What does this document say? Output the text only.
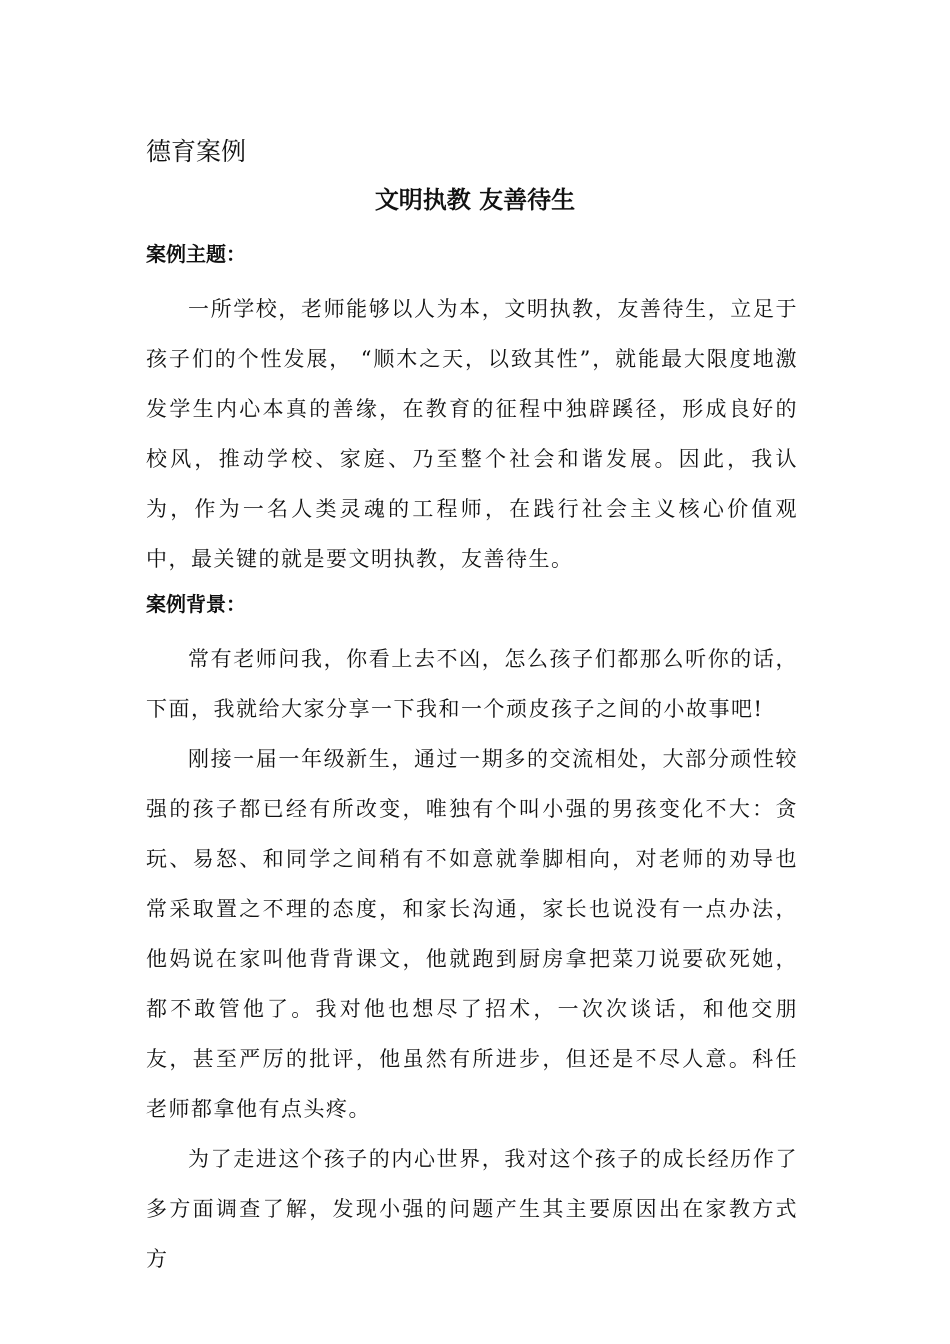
德育案例
文明执教 友善待生
案例主题：

一所学校，老师能够以人为本，文明执教，友善待生，立足于孩子们的个性发展， “顺木之天，以致其性”，就能最大限度地激发学生内心本真的善缘，在教育的征程中独辟蹊径，形成良好的校风，推动学校、家庭、乃至整个社会和谐发展。因此，我认为，作为一名人类灵魂的工程师，在践行社会主义核心价值观中，最关键的就是要文明执教，友善待生。

案例背景：

常有老师问我，你看上去不凶，怎么孩子们都那么听你的话，下面，我就给大家分享一下我和一个顽皮孩子之间的小故事吧!

刚接一届一年级新生，通过一期多的交流相处，大部分顽性较强的孩子都已经有所改变，唯独有个叫小强的男孩变化不大：贪玩、易怒、和同学之间稍有不如意就拳脚相向，对老师的劝导也常采取置之不理的态度，和家长沟通，家长也说没有一点办法，他妈说在家叫他背背课文，他就跑到厨房拿把菜刀说要砍死她，都不敢管他了。我对他也想尽了招术，一次次谈话，和他交朋友，甚至严厉的批评，他虽然有所进步，但还是不尽人意。科任老师都拿他有点头疼。

为了走进这个孩子的内心世界，我对这个孩子的成长经历作了多方面调查了解，发现小强的问题产生其主要原因出在家教方式方
